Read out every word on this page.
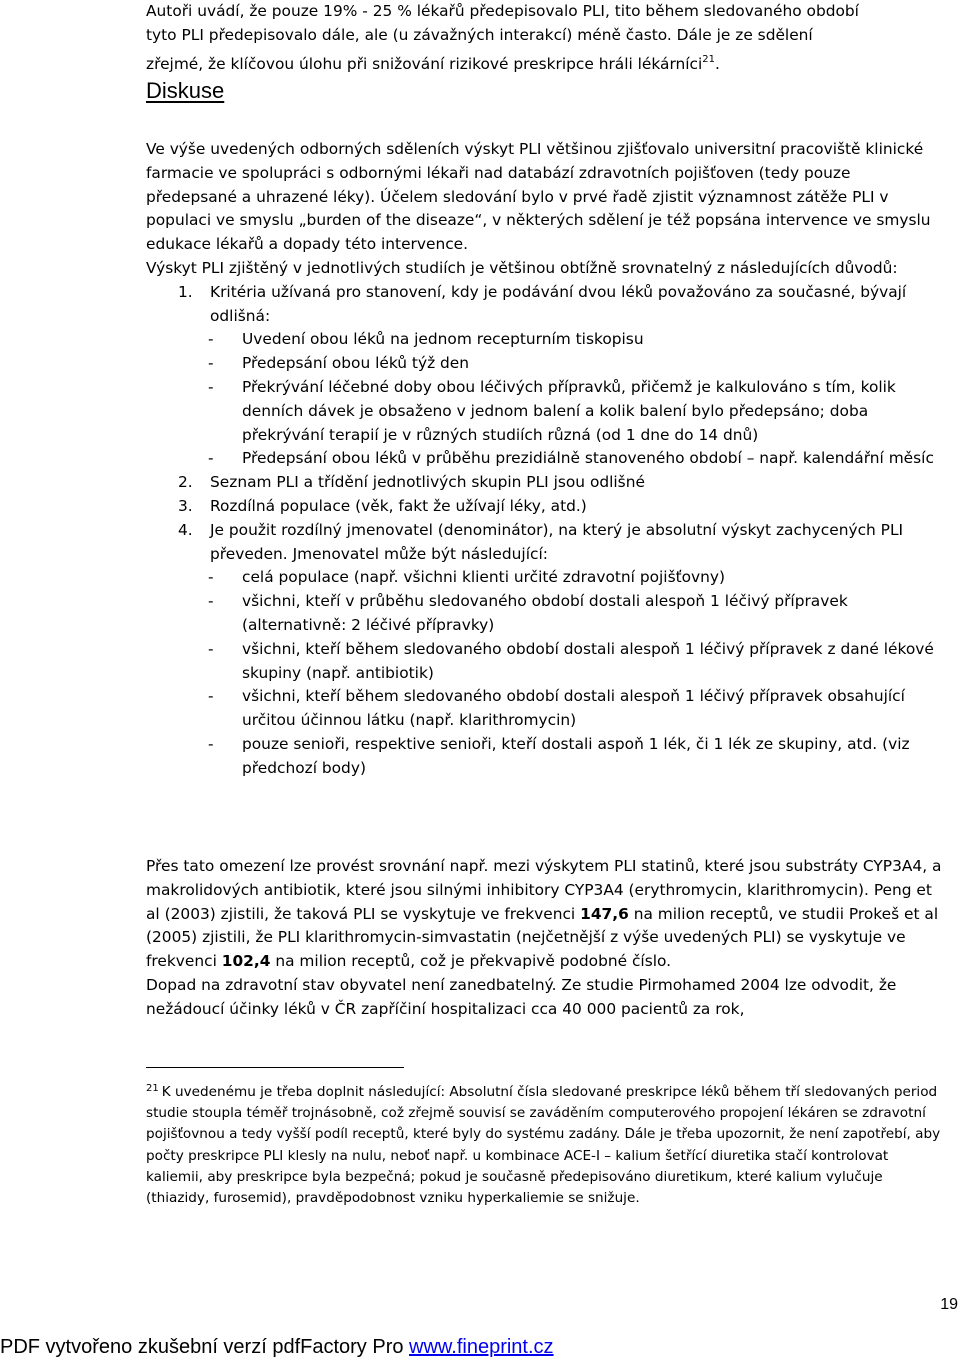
Autoři uvádí, že pouze 19% - 25 % lékařů předepisovalo PLI, tito během sledovaného období
tyto PLI předepisovalo dále, ale (u závažných interakcí) méně často. Dále je ze sdělení
zřejmé, že klíčovou úlohu při snižování rizikové preskripce hráli lékárníci$^{21}$.
Diskuse

Ve výše uvedených odborných sděleních výskyt PLI většinou zjišťovalo universitní pracoviště klinické farmacie ve spolupráci s odbornými lékaři nad databází zdravotních pojišťoven (tedy pouze předepsané a uhrazené léky). Účelem sledování bylo v prvé řadě zjistit významnost zátěže PLI v populaci ve smyslu „burden of the diseaze“, v některých sdělení je též popsána intervence ve smyslu edukace lékařů a dopady této intervence.

Výskyt PLI zjištěný v jednotlivých studiích je většinou obtížně srovnatelný z následujících důvodů:

1. Kritéria užívaná pro stanovení, kdy je podávání dvou léků považováno za současné, bývají odlišná:
- Uvedení obou léků na jednom recepturním tiskopisu
- Předepsání obou léků týž den
- Překrývání léčebné doby obou léčivých přípravků, přičemž je kalkulováno s tím, kolik denních dávek je obsaženo v jednom balení a kolik balení bylo předepsáno; doba překrývání terapií je v různých studiích různá (od 1 dne do 14 dnů)
- Předepsání obou léků v průběhu prezidiálně stanoveného období – např. kalendářní měsíc
2. Seznam PLI a třídění jednotlivých skupin PLI jsou odlišné
3. Rozdílná populace (věk, fakt že užívají léky, atd.)
4. Je použit rozdílný jmenovatel (denominátor), na který je absolutní výskyt zachycených PLI převeden. Jmenovatel může být následující:
- celá populace (např. všichni klienti určité zdravotní pojišťovny)
- všichni, kteří v průběhu sledovaného období dostali alespoň 1 léčivý přípravek (alternativně: 2 léčivé přípravky)
- všichni, kteří během sledovaného období dostali alespoň 1 léčivý přípravek z dané lékové skupiny (např. antibiotik)
- všichni, kteří během sledovaného období dostali alespoň 1 léčivý přípravek obsahující určitou účinnou látku (např. klarithromycin)
- pouze senioři, respektive senioři, kteří dostali aspoň 1 lék, či 1 lék ze skupiny, atd. (viz předchozí body)

Přes tato omezení lze provést srovnání např. mezi výskytem PLI statinů, které jsou substráty CYP3A4, a makrolidových antibiotik, které jsou silnými inhibitory CYP3A4 (erythromycin, klarithromycin). Peng et al (2003) zjistili, že taková PLI se vyskytuje ve frekvenci 147,6 na milion receptů, ve studii Prokeš et al (2005) zjistili, že PLI klarithromycin-simvastatin (nejčetnější z výše uvedených PLI) se vyskytuje ve frekvenci 102,4 na milion receptů, což je překvapivě podobné číslo.

Dopad na zdravotní stav obyvatel není zanedbatelný. Ze studie Pirmohamed 2004 lze odvodit, že nežádoucí účinky léků v ČR zapříčiní hospitalizaci cca 40 000 pacientů za rok,

$^{21}$ K uvedenému je třeba doplnit následující: Absolutní čísla sledované preskripce léků během tří sledovaných period studie stoupla téměř trojnásobně, což zřejmě souvisí se zaváděním computerového propojení lékáren se zdravotní pojišťovnou a tedy vyšší podíl receptů, které byly do systému zadány. Dále je třeba upozornit, že není zapotřebí, aby počty preskripce PLI klesly na nulu, neboť např. u kombinace ACE-I – kalium šetřící diuretika stačí kontrolovat kaliemii, aby preskripce byla bezpečná; pokud je současně předepisováno diuretikum, které kalium vylučuje (thiazidy, furosemid), pravděpodobnost vzniku hyperkaliemie se snižuje.
19
PDF vytvořeno zkušební verzí pdfFactory Pro www.fineprint.cz
